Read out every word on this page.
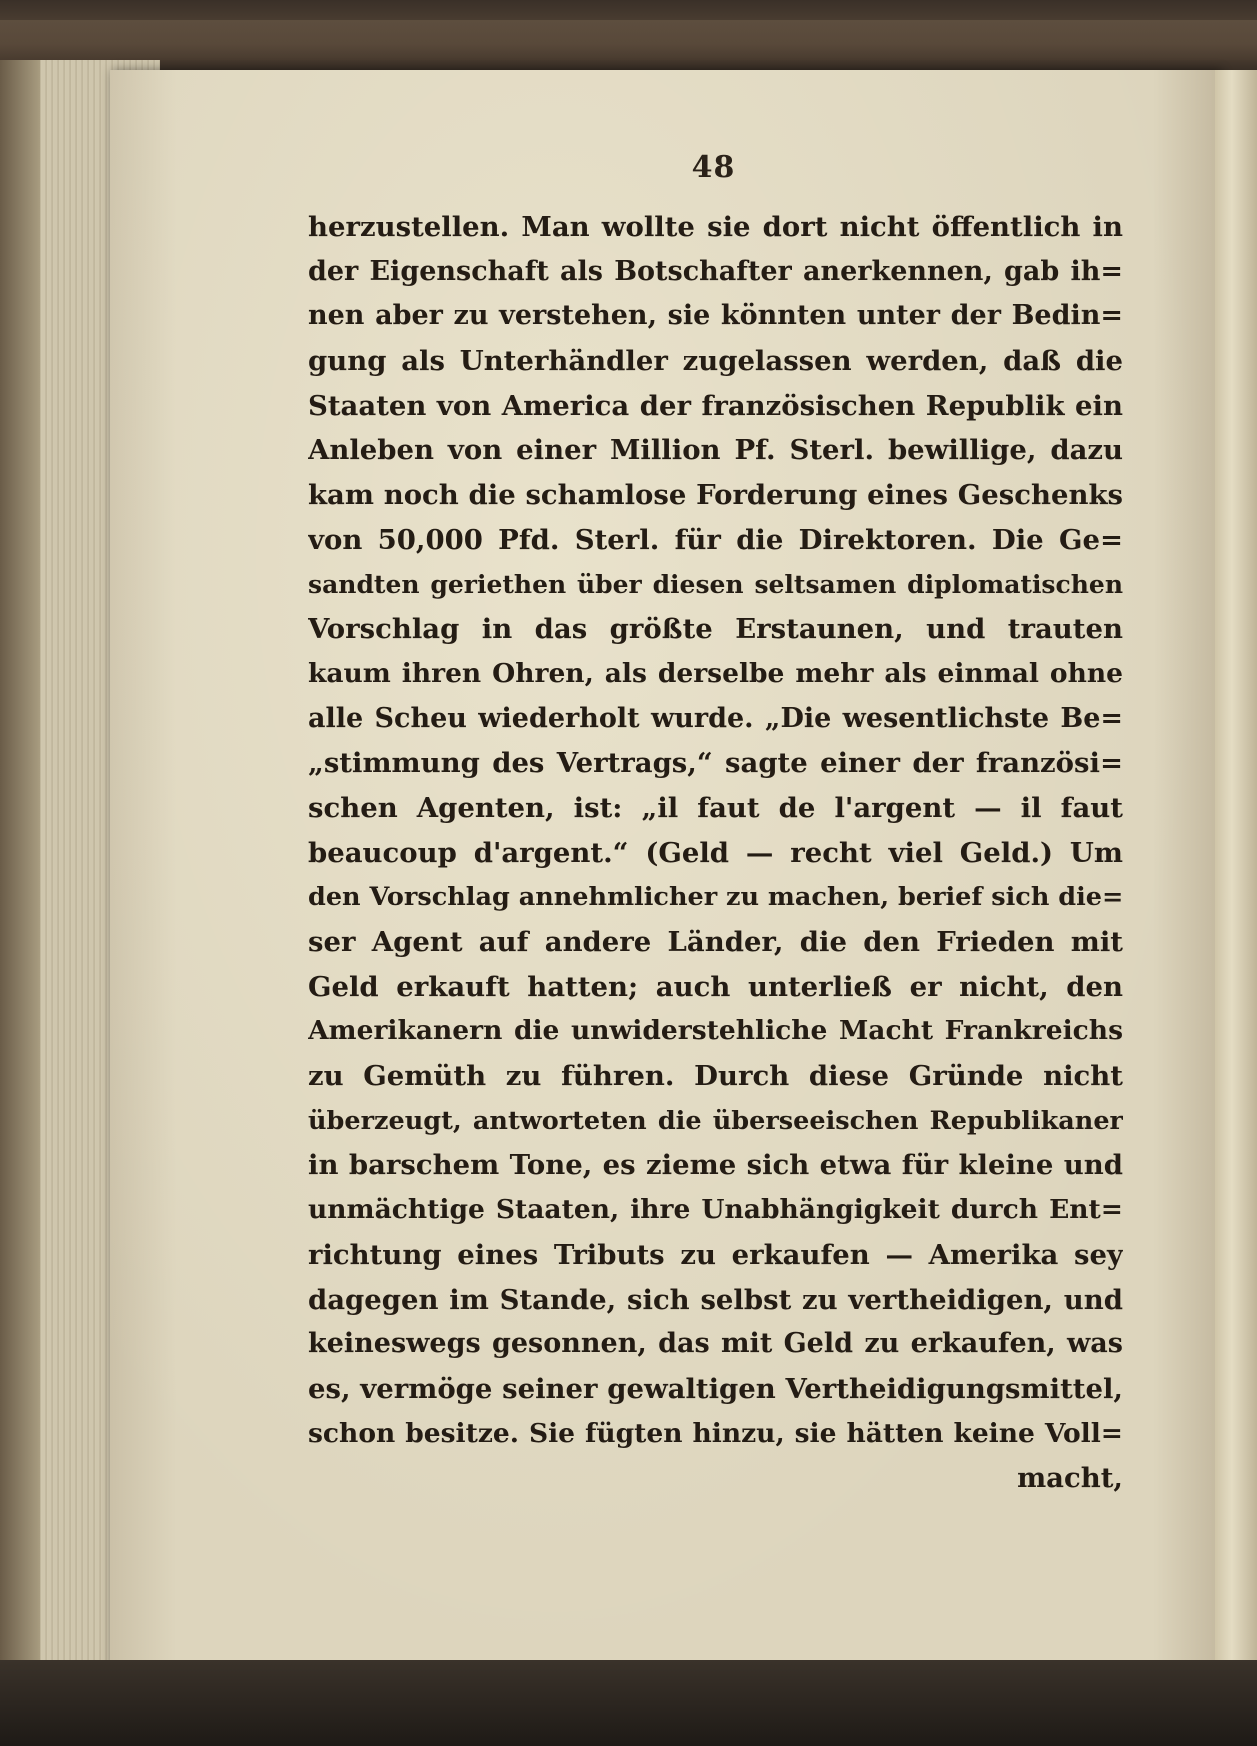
48
herzustellen. Man wollte sie dort nicht öffentlich in
der Eigenschaft als Botschafter anerkennen, gab ih=
nen aber zu verstehen, sie könnten unter der Bedin=
gung als Unterhändler zugelassen werden, daß die
Staaten von America der französischen Republik ein
Anleben von einer Million Pf. Sterl. bewillige, dazu
kam noch die schamlose Forderung eines Geschenks
von 50,000 Pfd. Sterl. für die Direktoren. Die Ge=
sandten geriethen über diesen seltsamen diplomatischen
Vorschlag in das größte Erstaunen, und trauten
kaum ihren Ohren, als derselbe mehr als einmal ohne
alle Scheu wiederholt wurde. „Die wesentlichste Be=
„stimmung des Vertrags,“ sagte einer der französi=
schen Agenten, ist: „il faut de l'argent — il faut
beaucoup d'argent.“ (Geld — recht viel Geld.) Um
den Vorschlag annehmlicher zu machen, berief sich die=
ser Agent auf andere Länder, die den Frieden mit
Geld erkauft hatten; auch unterließ er nicht, den
Amerikanern die unwiderstehliche Macht Frankreichs
zu Gemüth zu führen. Durch diese Gründe nicht
überzeugt, antworteten die überseeischen Republikaner
in barschem Tone, es zieme sich etwa für kleine und
unmächtige Staaten, ihre Unabhängigkeit durch Ent=
richtung eines Tributs zu erkaufen — Amerika sey
dagegen im Stande, sich selbst zu vertheidigen, und
keineswegs gesonnen, das mit Geld zu erkaufen, was
es, vermöge seiner gewaltigen Vertheidigungsmittel,
schon besitze. Sie fügten hinzu, sie hätten keine Voll=
macht,
